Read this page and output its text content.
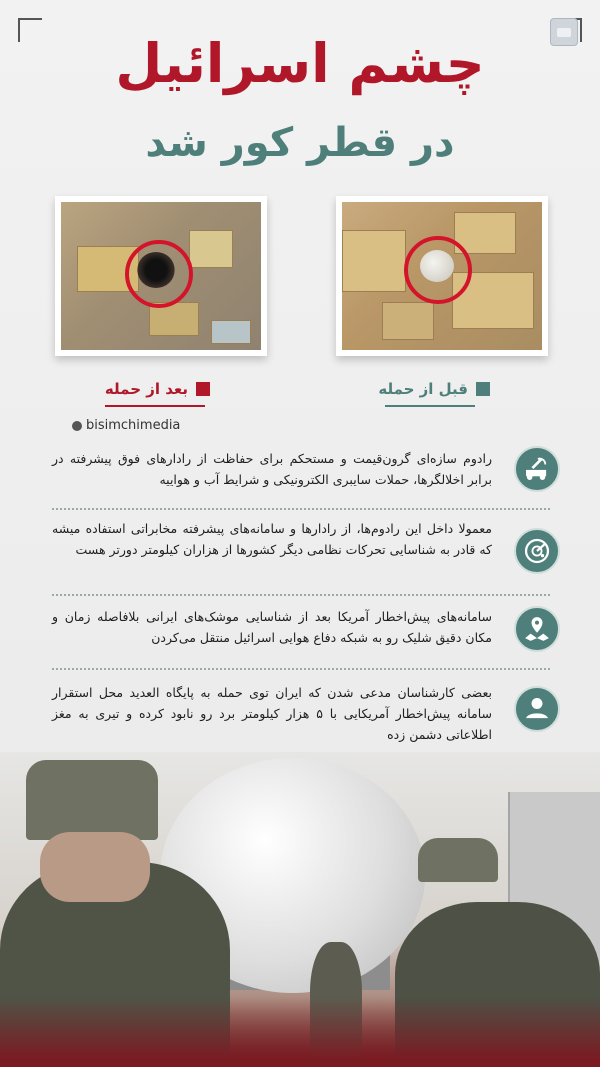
چشم اسرائیل
در قطر کور شد
قبل از حمله
بعد از حمله
bisimchimedia
رادوم سازه‌ای گرون‌قیمت و مستحکم برای حفاظت از رادارهای فوق پیشرفته در برابر اخلالگرها، حملات سایبری الکترونیکی و شرایط آب و هواییه
معمولا داخل این رادوم‌ها، از رادارها و سامانه‌های پیشرفته مخابراتی استفاده میشه که قادر به شناسایی تحرکات نظامی دیگر کشورها از هزاران کیلومتر دورتر هست
سامانه‌های پیش‌اخطار آمریکا بعد از شناسایی موشک‌های ایرانی بلافاصله زمان و مکان دقیق شلیک رو به شبکه دفاع هوایی اسرائیل منتقل می‌کردن
بعضی کارشناسان مدعی شدن که ایران توی حمله به پایگاه العدید محل استقرار سامانه پیش‌اخطار آمریکایی با ۵ هزار کیلومتر برد رو نابود کرده و تیری به مغز اطلاعاتی دشمن زده
